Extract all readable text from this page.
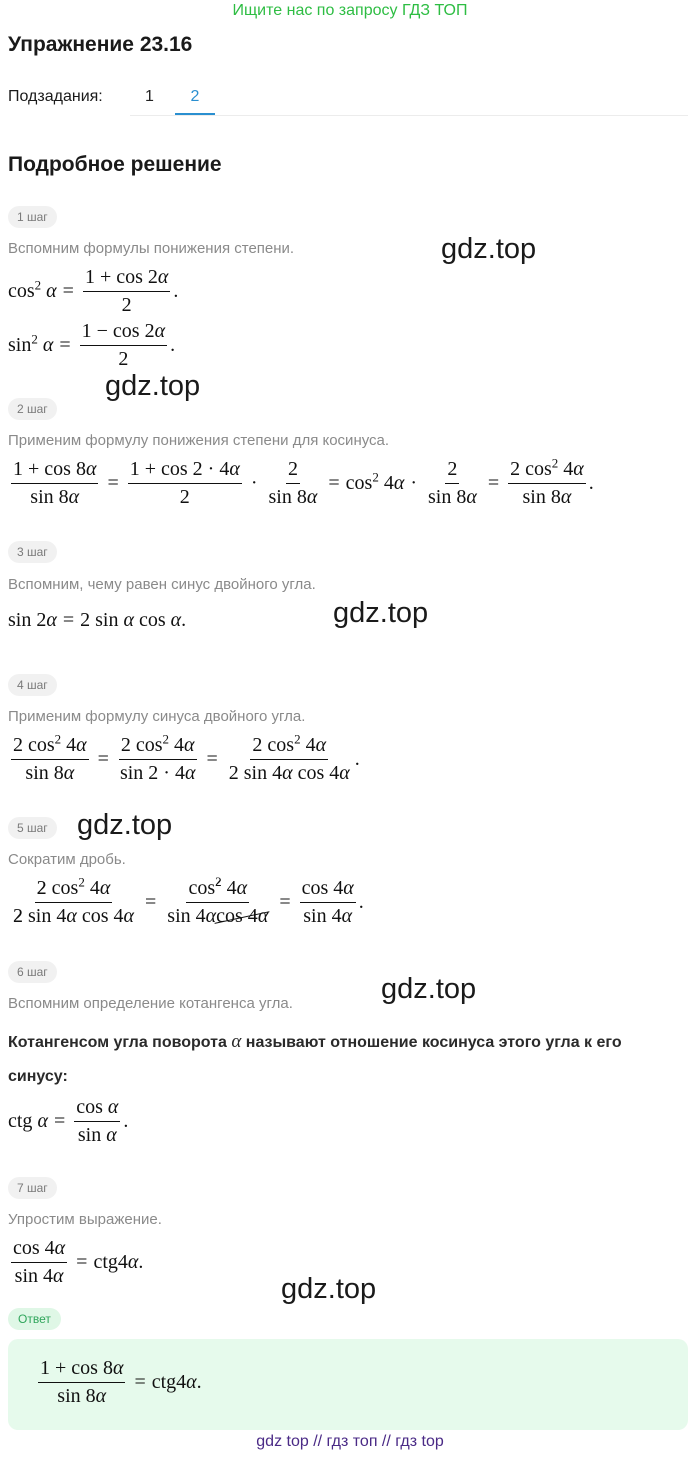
Ищите нас по запросу ГДЗ ТОП
Упражнение 23.16
Подзадания:	1	2
Подробное решение
1 шаг
Вспомним формулы понижения степени.
$\cos^2 \alpha = \frac{1 + \cos 2\alpha}{2}$ .
$\sin^2 \alpha = \frac{1 - \cos 2\alpha}{2}$ .
2 шаг
Применим формулу понижения степени для косинуса.
$\frac{1 + \cos 8\alpha}{\sin 8\alpha} = \frac{1 + \cos 2 \cdot 4\alpha}{2} \cdot \frac{2}{\sin 8\alpha} = \cos^2 4\alpha \cdot \frac{2}{\sin 8\alpha} = \frac{2 \cos^2 4\alpha}{\sin 8\alpha}$ .
3 шаг
Вспомним, чему равен синус двойного угла.
sin 2α = 2 sin α cos α.
4 шаг
Применим формулу синуса двойного угла.
$\frac{2 \cos^2 4\alpha}{\sin 8\alpha} = \frac{2 \cos^2 4\alpha}{\sin 2 \cdot 4\alpha} = \frac{2 \cos^2 4\alpha}{\text{2 sin 4α cos 4α}}$ .
5 шаг
Сократим дробь.
$\frac{2 \cos^2 4\alpha}{\text{2 sin 4α cos 4α}} = \frac{\cos^2 4\alpha}{\sin 4\alpha\cos 4\alpha} = \frac{\cos 4\alpha}{\sin 4\alpha}$ .
6 шаг
Вспомним определение котангенса угла.
Котангенсом угла поворота α называют отношение косинуса этого угла к его
синусу:
ctg $\alpha = \frac{\text{cos α}}{\text{sin α}}$ .
7 шаг
Упростим выражение.
$\frac{\cos 4\alpha}{\sin 4\alpha} = ctg4\alpha$.
Ответ
$\frac{1 + \cos 8\alpha}{\sin 8\alpha} = ctg4\alpha$.
gdz.top
gdz.top
gdz.top
gdz.top
gdz.top
gdz.top
gdz top // гдз топ // гдз top
